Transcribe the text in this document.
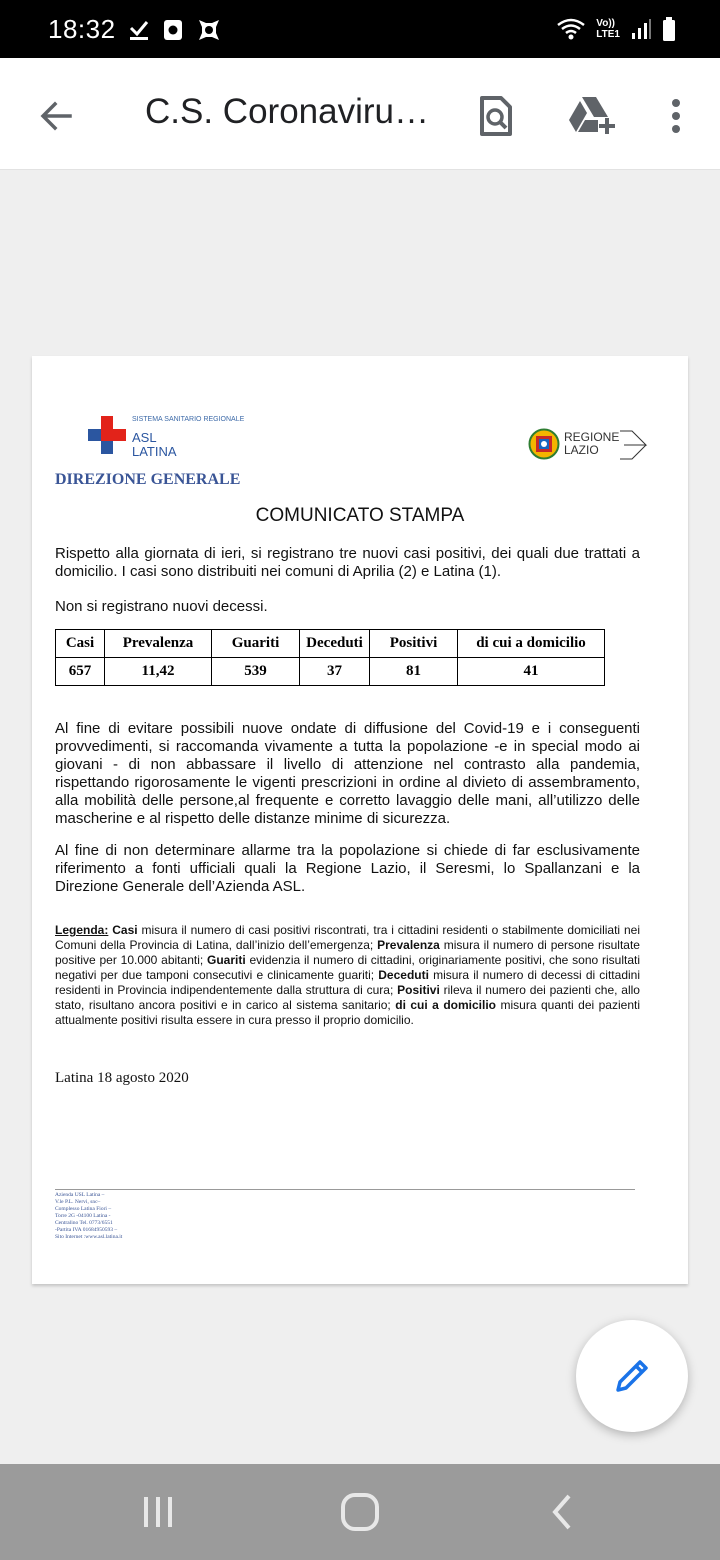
18:32	Vo))
LTE1
C.S. Coronaviru…
SISTEMA SANITARIO REGIONALE
ASL
LATINA
REGIONE
LAZIO
DIREZIONE GENERALE
COMUNICATO STAMPA
Rispetto alla giornata di ieri, si registrano tre nuovi casi positivi, dei quali due trattati a domicilio. I casi sono distribuiti nei comuni di Aprilia (2) e Latina (1).
Non si registrano nuovi decessi.
Casi	Prevalenza	Guariti	Deceduti	Positivi	di cui a domicilio
657	11,42	539	37	81	41
Al fine di evitare possibili nuove ondate di diffusione del Covid-19 e i conseguenti provvedimenti, si raccomanda vivamente a tutta la popolazione -e in special modo ai giovani - di non abbassare il livello di attenzione nel contrasto alla pandemia, rispettando rigorosamente le vigenti prescrizioni in ordine al divieto di assembramento, alla mobilità delle persone,al frequente e corretto lavaggio delle mani, all’utilizzo delle mascherine e al rispetto delle distanze minime di sicurezza.
Al fine di non determinare allarme tra la popolazione si chiede di far esclusivamente riferimento a fonti ufficiali quali la Regione Lazio, il Seresmi, lo Spallanzani e la Direzione Generale dell’Azienda ASL.
Legenda: Casi misura il numero di casi positivi riscontrati, tra i cittadini residenti o stabilmente domiciliati nei Comuni della Provincia di Latina, dall’inizio dell’emergenza; Prevalenza misura il numero di persone risultate positive per 10.000 abitanti; Guariti evidenzia il numero di cittadini, originariamente positivi, che sono risultati negativi per due tamponi consecutivi e clinicamente guariti; Deceduti misura il numero di decessi di cittadini residenti in Provincia indipendentemente dalla struttura di cura; Positivi rileva il numero dei pazienti che, allo stato, risultano ancora positivi e in carico al sistema sanitario; di cui a domicilio misura quanti dei pazienti attualmente positivi risulta essere in cura presso il proprio domicilio.
Latina 18 agosto 2020
Azienda USL Latina –
V.le P.L. Nervi, snc–
Complesso Latina Fiori –
Torre 2G -04100 Latina -
Centralino Tel. 0773/6551
-Partita IVA 01684950593 –
Sito Internet :www.asl.latina.it
